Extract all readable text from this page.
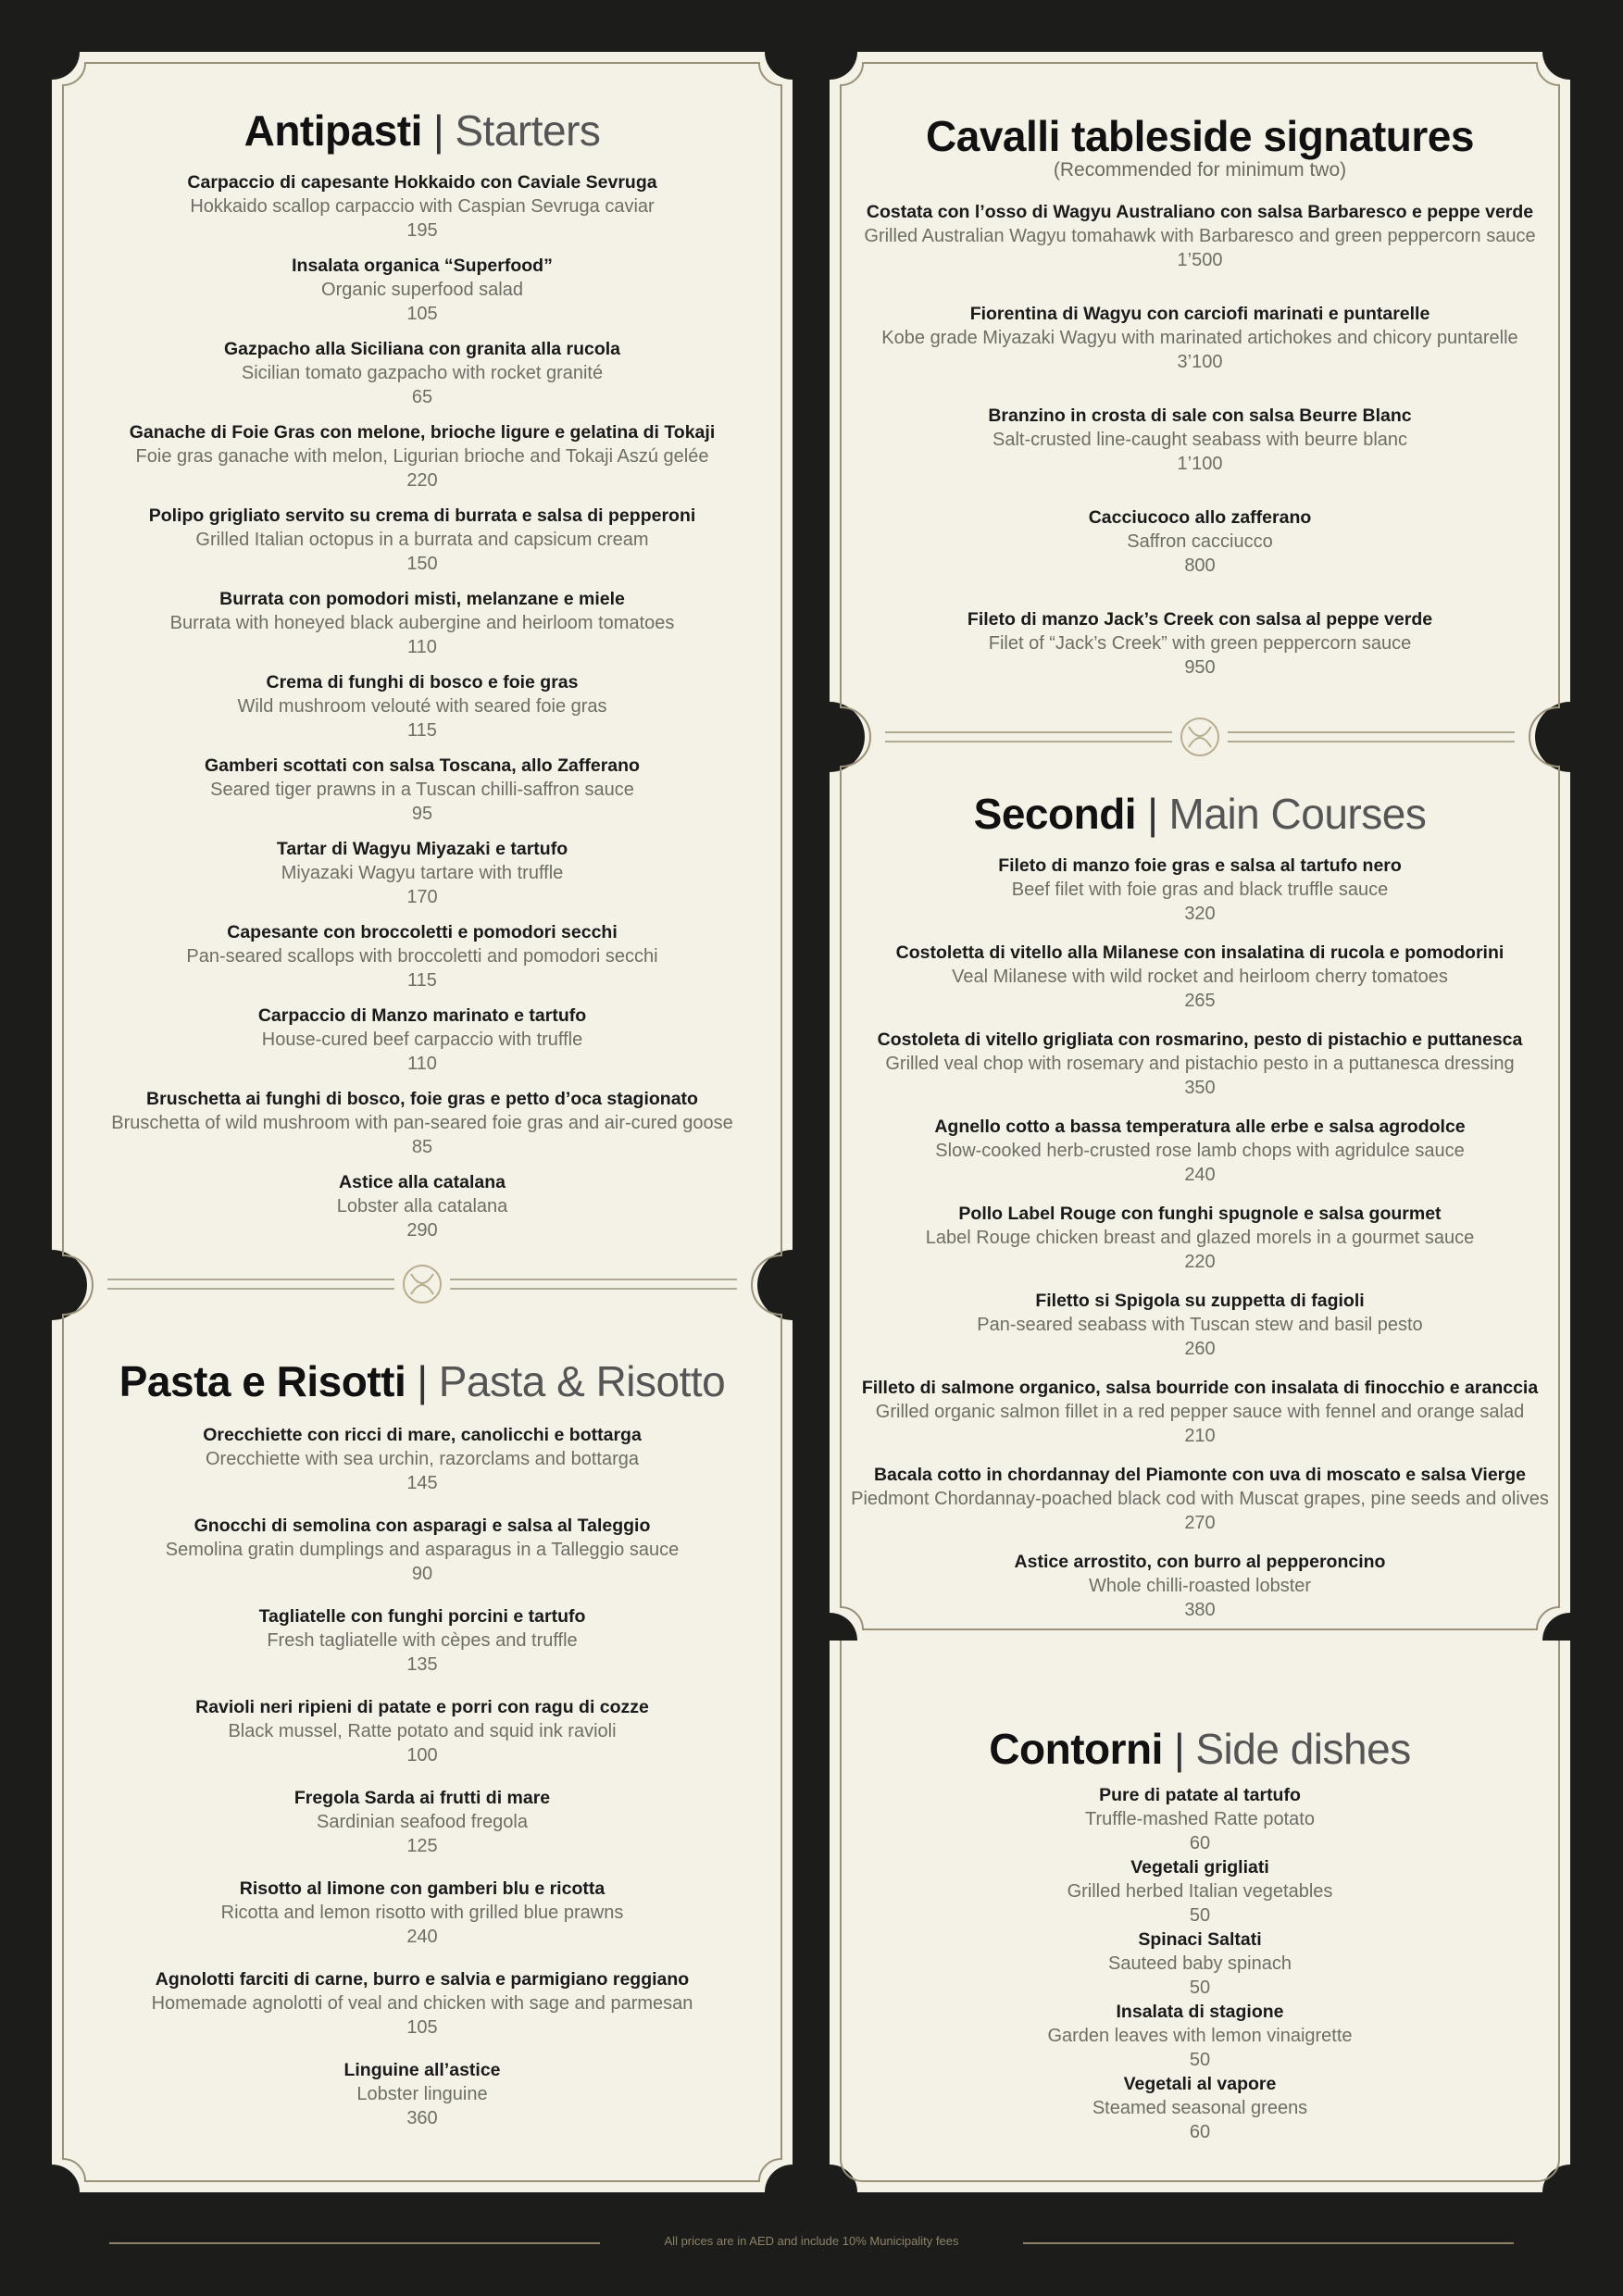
Antipasti | Starters
Carpaccio di capesante Hokkaido con Caviale Sevruga
Hokkaido scallop carpaccio with Caspian Sevruga caviar
195
Insalata organica “Superfood”
Organic superfood salad
105
Gazpacho alla Siciliana con granita alla rucola
Sicilian tomato gazpacho with rocket granité
65
Ganache di Foie Gras con melone, brioche ligure e gelatina di Tokaji
Foie gras ganache with melon, Ligurian brioche and Tokaji Aszú gelée
220
Polipo grigliato servito su crema di burrata e salsa di pepperoni
Grilled Italian octopus in a burrata and capsicum cream
150
Burrata con pomodori misti, melanzane e miele
Burrata with honeyed black aubergine and heirloom tomatoes
110
Crema di funghi di bosco e foie gras
Wild mushroom velouté with seared foie gras
115
Gamberi scottati con salsa Toscana, allo Zafferano
Seared tiger prawns in a Tuscan chilli-saffron sauce
95
Tartar di Wagyu Miyazaki e tartufo
Miyazaki Wagyu tartare with truffle
170
Capesante con broccoletti e pomodori secchi
Pan-seared scallops with broccoletti and pomodori secchi
115
Carpaccio di Manzo marinato e tartufo
House-cured beef carpaccio with truffle
110
Bruschetta ai funghi di bosco, foie gras e petto d’oca stagionato
Bruschetta of wild mushroom with pan-seared foie gras and air-cured goose
85
Astice alla catalana
Lobster alla catalana
290
Pasta e Risotti | Pasta & Risotto
Orecchiette con ricci di mare, canolicchi e bottarga
Orecchiette with sea urchin, razorclams and bottarga
145
Gnocchi di semolina con asparagi e salsa al Taleggio
Semolina gratin dumplings and asparagus in a Talleggio sauce
90
Tagliatelle con funghi porcini e tartufo
Fresh tagliatelle with cèpes and truffle
135
Ravioli neri ripieni di patate e porri con ragu di cozze
Black mussel, Ratte potato and squid ink ravioli
100
Fregola Sarda ai frutti di mare
Sardinian seafood fregola
125
Risotto al limone con gamberi blu e ricotta
Ricotta and lemon risotto with grilled blue prawns
240
Agnolotti farciti di carne, burro e salvia e parmigiano reggiano
Homemade agnolotti of veal and chicken with sage and parmesan
105
Linguine all’astice
Lobster linguine
360
Cavalli tableside signatures
(Recommended for minimum two)
Costata con l’osso di Wagyu Australiano con salsa Barbaresco e peppe verde
Grilled Australian Wagyu tomahawk with Barbaresco and green peppercorn sauce
1’500
Fiorentina di Wagyu con carciofi marinati e puntarelle
Kobe grade Miyazaki Wagyu with marinated artichokes and chicory puntarelle
3’100
Branzino in crosta di sale con salsa Beurre Blanc
Salt-crusted line-caught seabass with beurre blanc
1’100
Cacciucoco allo zafferano
Saffron cacciucco
800
Fileto di manzo Jack’s Creek con salsa al peppe verde
Filet of “Jack’s Creek” with green peppercorn sauce
950
Secondi | Main Courses
Fileto di manzo foie gras e salsa al tartufo nero
Beef filet with foie gras and black truffle sauce
320
Costoletta di vitello alla Milanese con insalatina di rucola e pomodorini
Veal Milanese with wild rocket and heirloom cherry tomatoes
265
Costoleta di vitello grigliata con rosmarino, pesto di pistachio e puttanesca
Grilled veal chop with rosemary and pistachio pesto in a puttanesca dressing
350
Agnello cotto a bassa temperatura alle erbe e salsa agrodolce
Slow-cooked herb-crusted rose lamb chops with agridulce sauce
240
Pollo Label Rouge con funghi spugnole e salsa gourmet
Label Rouge chicken breast and glazed morels in a gourmet sauce
220
Filetto si Spigola su zuppetta di fagioli
Pan-seared seabass with Tuscan stew and basil pesto
260
Filleto di salmone organico, salsa bourride con insalata di finocchio e aranccia
Grilled organic salmon fillet in a red pepper sauce with fennel and orange salad
210
Bacala cotto in chordannay del Piamonte con uva di moscato e salsa Vierge
Piedmont Chordannay-poached black cod with Muscat grapes, pine seeds and olives
270
Astice arrostito, con burro al pepperoncino
Whole chilli-roasted lobster
380
Contorni | Side dishes
Pure di patate al tartufo
Truffle-mashed Ratte potato
60
Vegetali grigliati
Grilled herbed Italian vegetables
50
Spinaci Saltati
Sauteed baby spinach
50
Insalata di stagione
Garden leaves with lemon vinaigrette
50
Vegetali al vapore
Steamed seasonal greens
60
All prices are in AED and include 10% Municipality fees
